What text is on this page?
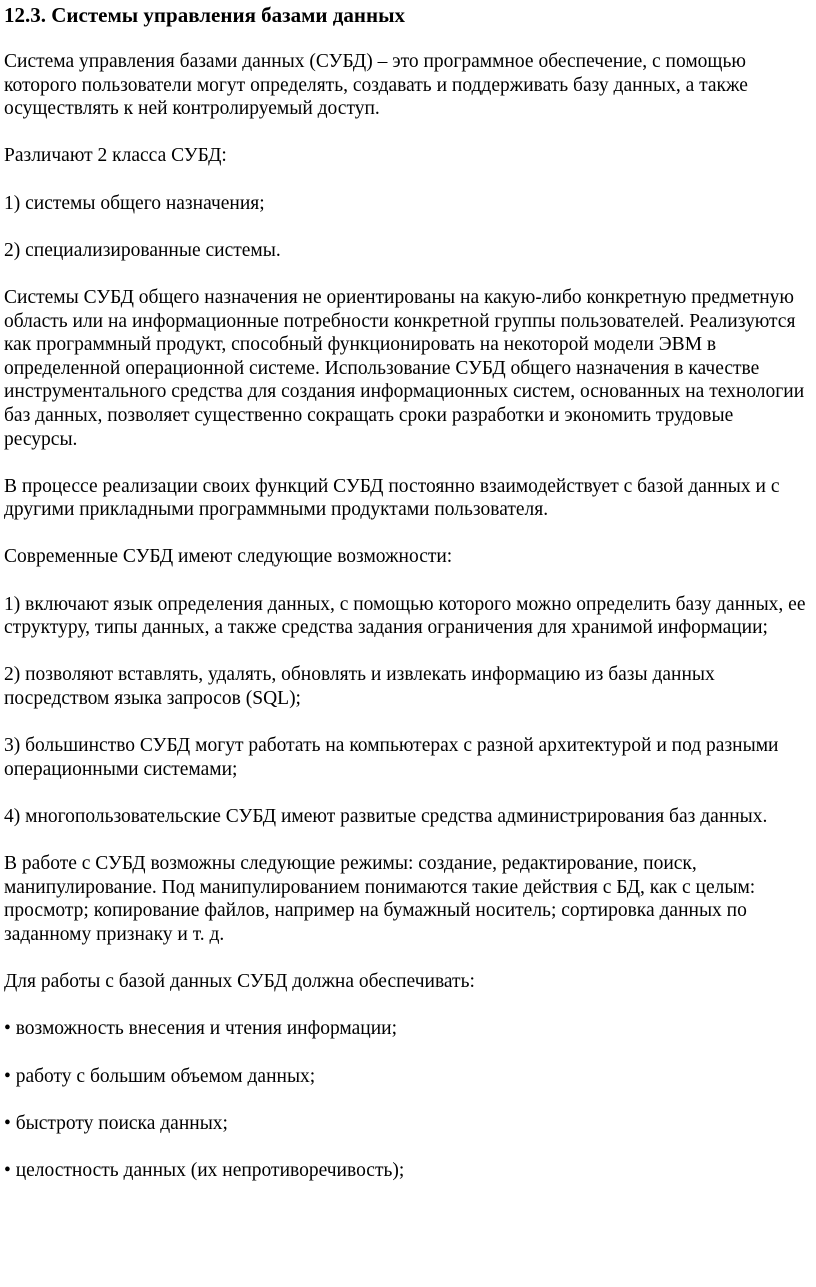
12.3. Системы управления базами данных

Система управления базами данных (СУБД) – это программное обеспечение, с помощью которого пользователи могут определять, создавать и поддерживать базу данных, а также осуществлять к ней контролируемый доступ.

Различают 2 класса СУБД:

1) системы общего назначения;

2) специализированные системы.

Системы СУБД общего назначения не ориентированы на какую-либо конкретную предметную область или на информационные потребности конкретной группы пользователей. Реализуются как программный продукт, способный функционировать на некоторой модели ЭВМ в определенной операционной системе. Использование СУБД общего назначения в качестве инструментального средства для создания информационных систем, основанных на технологии баз данных, позволяет существенно сокращать сроки разработки и экономить трудовые ресурсы.

В процессе реализации своих функций СУБД постоянно взаимодействует с базой данных и с другими прикладными программными продуктами пользователя.

Современные СУБД имеют следующие возможности:

1) включают язык определения данных, с помощью которого можно определить базу данных, ее структуру, типы данных, а также средства задания ограничения для хранимой информации;

2) позволяют вставлять, удалять, обновлять и извлекать информацию из базы данных посредством языка запросов (SQL);

3) большинство СУБД могут работать на компьютерах с разной архитектурой и под разными операционными системами;

4) многопользовательские СУБД имеют развитые средства администрирования баз данных.

В работе с СУБД возможны следующие режимы: создание, редактирование, поиск, манипулирование. Под манипулированием понимаются такие действия с БД, как с целым: просмотр; копирование файлов, например на бумажный носитель; сортировка данных по заданному признаку и т. д.

Для работы с базой данных СУБД должна обеспечивать:

• возможность внесения и чтения информации;

• работу с большим объемом данных;

• быстроту поиска данных;

• целостность данных (их непротиворечивость);
